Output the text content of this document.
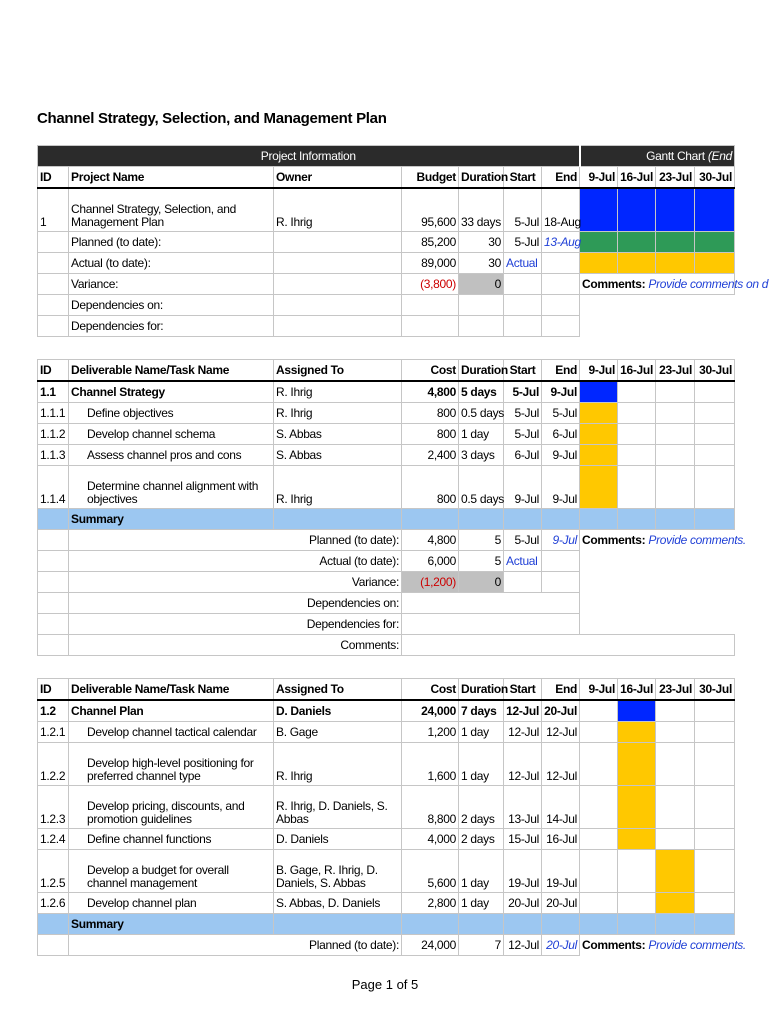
Channel Strategy, Selection, and Management Plan
Project Information							Gantt Chart (End			
ID	Project Name	Owner	Budget	Duration	Start	End	9-Jul	16-Jul	23-Jul	30-Jul
1	Channel Strategy, Selection, and Management Plan	R. Ihrig	95,600	33 days	5-Jul	18-Aug				
	Planned (to date):		85,200	30	5-Jul	13-Aug				
	Actual (to date):		89,000	30	Actual					
	Variance:		(3,800)	0			Comments: Provide comments on d			
	Dependencies on:									
	Dependencies for:									
ID	Deliverable Name/Task Name	Assigned To	Cost	Duration	Start	End	9-Jul	16-Jul	23-Jul	30-Jul
1.1	Channel Strategy	R. Ihrig	4,800	5 days	5-Jul	9-Jul				
1.1.1	Define objectives	R. Ihrig	800	0.5 days	5-Jul	5-Jul				
1.1.2	Develop channel schema	S. Abbas	800	1 day	5-Jul	6-Jul				
1.1.3	Assess channel pros and cons	S. Abbas	2,400	3 days	6-Jul	9-Jul				
1.1.4	Determine channel alignment with objectives	R. Ihrig	800	0.5 days	9-Jul	9-Jul				
	Summary									
	Planned (to date):		4,800	5	5-Jul	9-Jul	Comments: Provide comments.			
	Actual (to date):		6,000	5	Actual					
	Variance:		(1,200)	0						
	Dependencies on:									
	Dependencies for:									
	Comments:									
ID	Deliverable Name/Task Name	Assigned To	Cost	Duration	Start	End	9-Jul	16-Jul	23-Jul	30-Jul
1.2	Channel Plan	D. Daniels	24,000	7 days	12-Jul	20-Jul				
1.2.1	Develop channel tactical calendar	B. Gage	1,200	1 day	12-Jul	12-Jul				
1.2.2	Develop high-level positioning for preferred channel type	R. Ihrig	1,600	1 day	12-Jul	12-Jul				
1.2.3	Develop pricing, discounts, and promotion guidelines	R. Ihrig, D. Daniels, S. Abbas	8,800	2 days	13-Jul	14-Jul				
1.2.4	Define channel functions	D. Daniels	4,000	2 days	15-Jul	16-Jul				
1.2.5	Develop a budget for overall channel management	B. Gage, R. Ihrig, D. Daniels, S. Abbas	5,600	1 day	19-Jul	19-Jul				
1.2.6	Develop channel plan	S. Abbas, D. Daniels	2,800	1 day	20-Jul	20-Jul				
	Summary									
	Planned (to date):		24,000	7	12-Jul	20-Jul	Comments: Provide comments.			
Page 1 of 5
